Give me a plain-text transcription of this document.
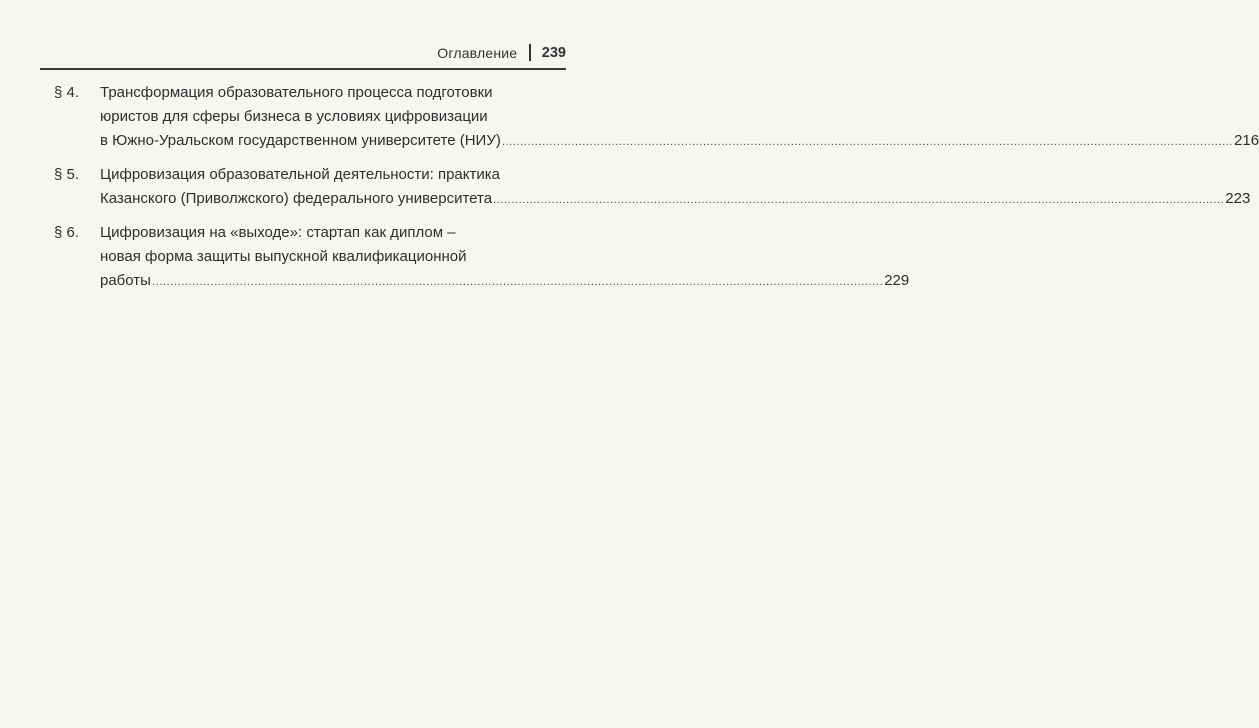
Оглавление 239
§ 4. Трансформация образовательного процесса подготовки
юристов для сферы бизнеса в условиях цифровизации
в Южно-Уральском государственном университете (НИУ) ........................................................................................................................................................................................................ 216
§ 5. Цифровизация образовательной деятельности: практика
Казанского (Приволжского) федерального университета ........................................................................................................................................................................................................ 223
§ 6. Цифровизация на «выходе»: стартап как диплом –
новая форма защиты выпускной квалификационной
работы ........................................................................................................................................................................................................ 229
